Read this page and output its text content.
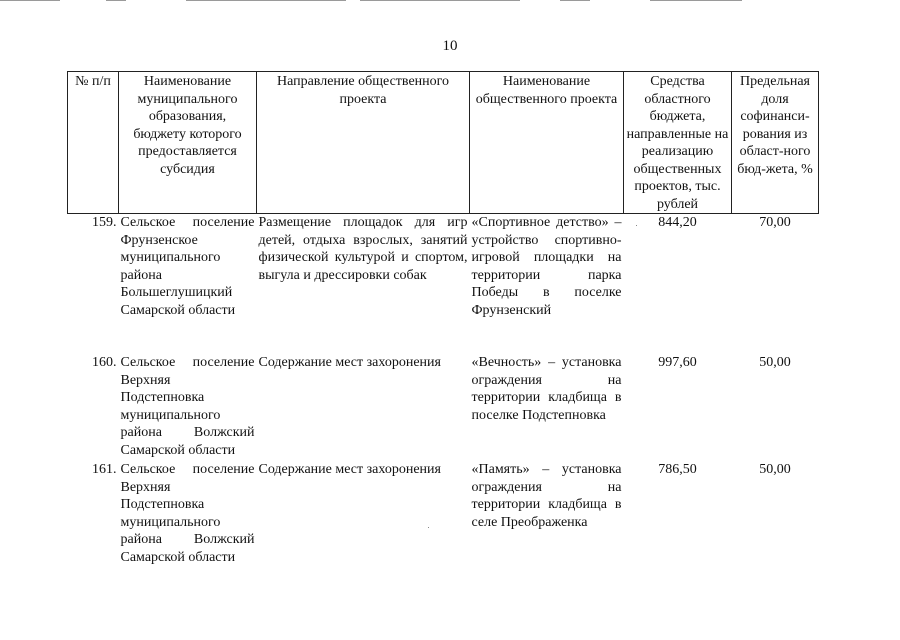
10
№ п/п	Наименование муниципального образования, бюджету которого предоставляется субсидия	Направление общественного проекта	Наименование общественного проекта	Средства областного бюджета, направленные на реализацию общественных проектов, тыс. рублей	Предельная доля софинанси-рования из област-ного бюд-жета, %
159.	Сельское поселение Фрунзенское муниципального района Большеглушицкий Самарской области	Размещение площадок для игр детей, отдыха взрослых, занятий физической культурой и спортом, выгула и дрессировки собак	«Спортивное детство» – устройство спортивно-игровой площадки на территории парка Победы в поселке Фрунзенский	844,20	70,00
160.	Сельское поселение Верхняя Подстепновка муниципального района Волжский Самарской области	Содержание мест захоронения	«Вечность» – установка ограждения на территории кладбища в поселке Подстепновка	997,60	50,00
161.	Сельское поселение Верхняя Подстепновка муниципального района Волжский Самарской области	Содержание мест захоронения	«Память» – установка ограждения на территории кладбища в селе Преображенка	786,50	50,00
